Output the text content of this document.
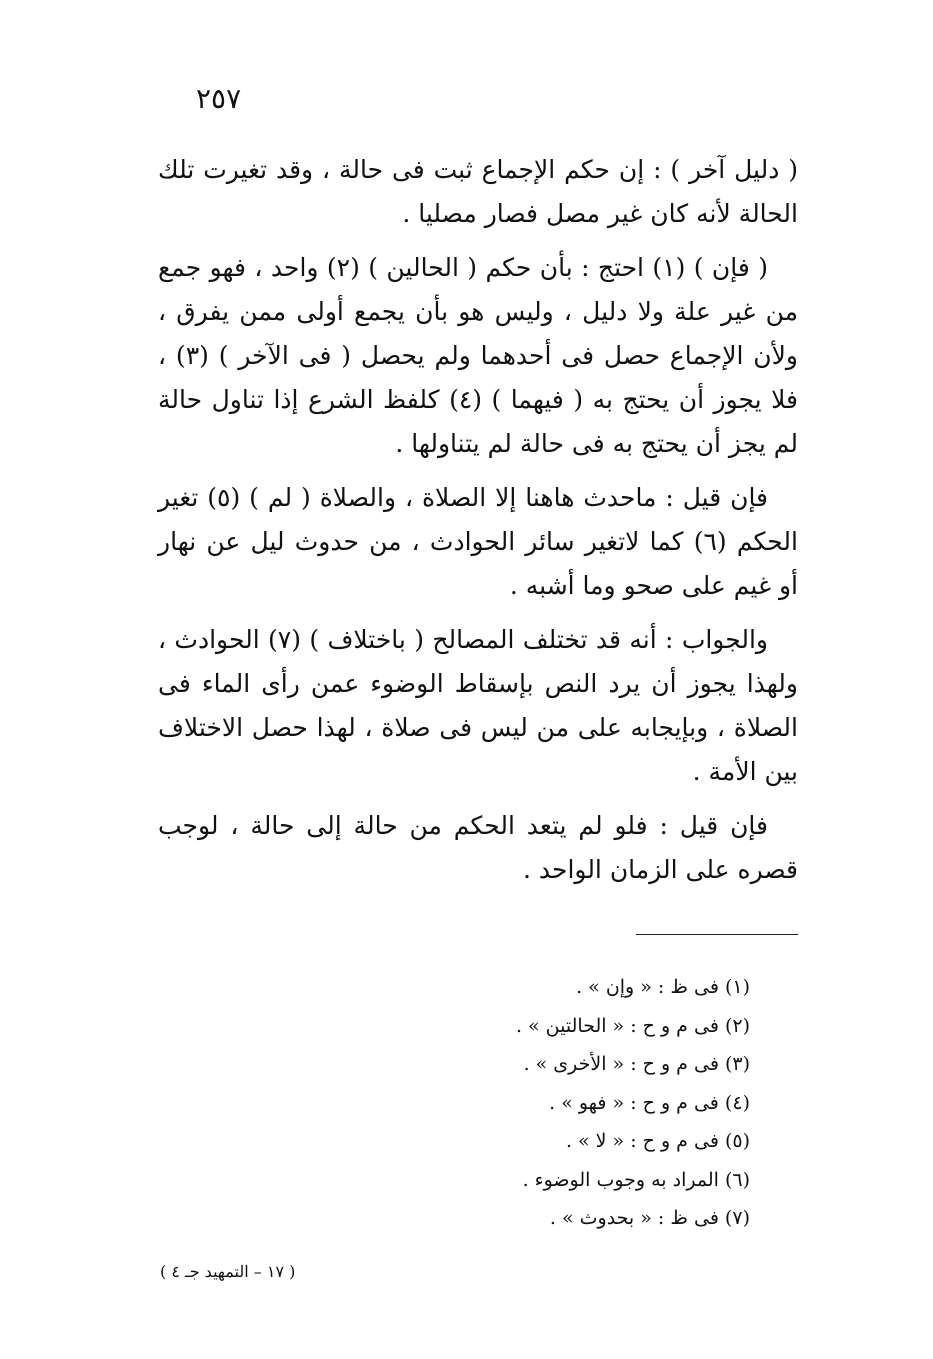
٢٥٧

( دليل آخر ) : إن حكم الإجماع ثبت فى حالة ، وقد تغيرت تلك الحالة لأنه كان غير مصل فصار مصليا .

( فإن ) (١) احتج : بأن حكم ( الحالين ) (٢) واحد ، فهو جمع من غير علة ولا دليل ، وليس هو بأن يجمع أولى ممن يفرق ، ولأن الإجماع حصل فى أحدهما ولم يحصل ( فى الآخر ) (٣) ، فلا يجوز أن يحتج به ( فيهما ) (٤) كلفظ الشرع إذا تناول حالة لم يجز أن يحتج به فى حالة لم يتناولها .

فإن قيل : ماحدث هاهنا إلا الصلاة ، والصلاة ( لم ) (٥) تغير الحكم (٦) كما لاتغير سائر الحوادث ، من حدوث ليل عن نهار أو غيم على صحو وما أشبه .

والجواب : أنه قد تختلف المصالح ( باختلاف ) (٧) الحوادث ، ولهذا يجوز أن يرد النص بإسقاط الوضوء عمن رأى الماء فى الصلاة ، وبإيجابه على من ليس فى صلاة ، لهذا حصل الاختلاف بين الأمة .

فإن قيل : فلو لم يتعد الحكم من حالة إلى حالة ، لوجب قصره على الزمان الواحد .

(١) فى ظ : « وإن » .
(٢) فى م و ح : « الحالتين » .
(٣) فى م و ح : « الأخرى » .
(٤) فى م و ح : « فهو » .
(٥) فى م و ح : « لا » .
(٦) المراد به وجوب الوضوء .
(٧) فى ظ : « بحدوث » .
( ١٧ – التمهيد جـ ٤ )
